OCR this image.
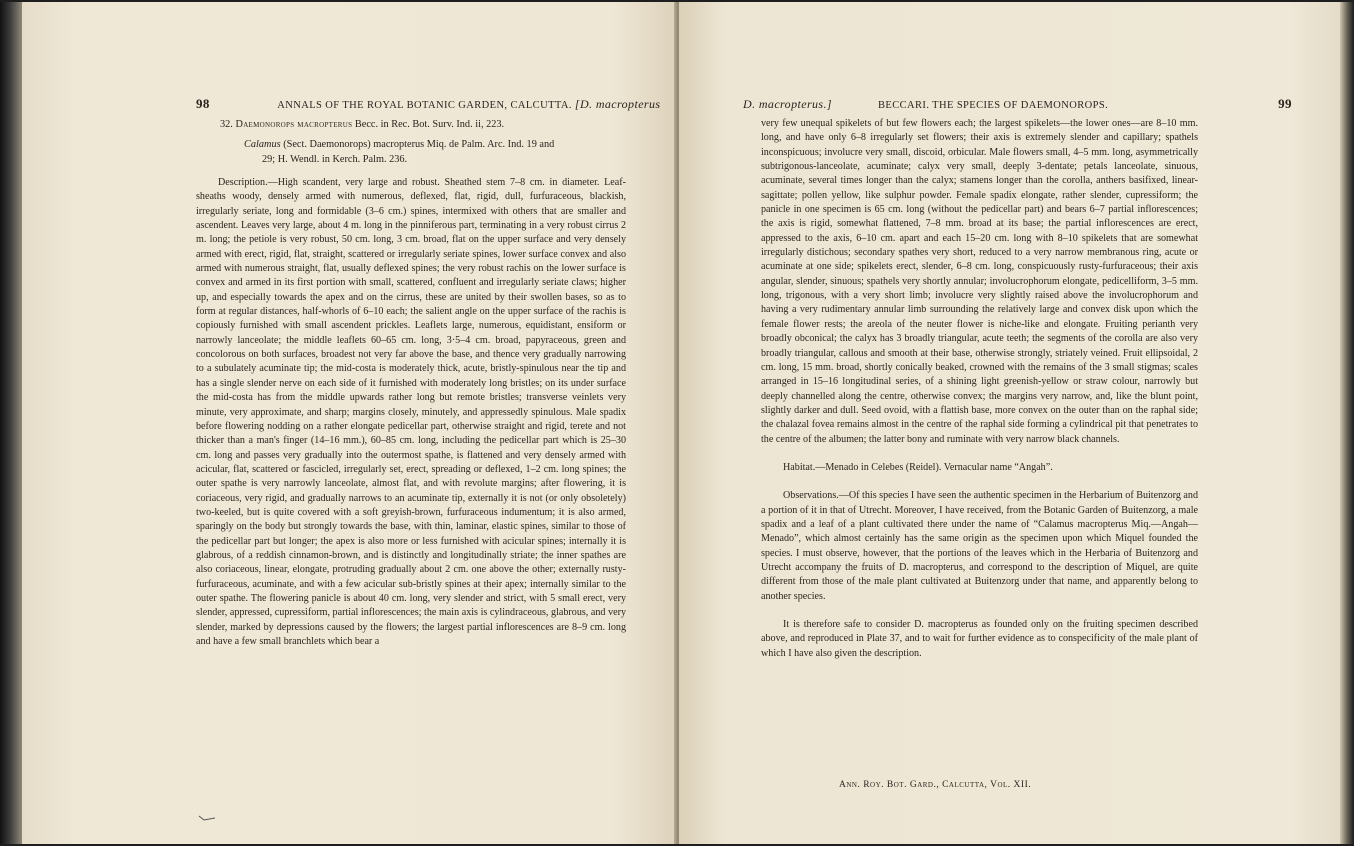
98	ANNALS OF THE ROYAL BOTANIC GARDEN, CALCUTTA. [D. macropterus
32. Daemonorops macropterus Becc. in Rec. Bot. Surv. Ind. ii, 223.
Calamus (Sect. Daemonorops) macropterus Miq. de Palm. Arc. Ind. 19 and
29; H. Wendl. in Kerch. Palm. 236.

Description.—High scandent, very large and robust. Sheathed stem 7–8 cm. in diameter. Leaf-sheaths woody, densely armed with numerous, deflexed, flat, rigid, dull, furfuraceous, blackish, irregularly seriate, long and formidable (3–6 cm.) spines, intermixed with others that are smaller and ascendent. Leaves very large, about 4 m. long in the pinniferous part, terminating in a very robust cirrus 2 m. long; the petiole is very robust, 50 cm. long, 3 cm. broad, flat on the upper surface and very densely armed with erect, rigid, flat, straight, scattered or irregularly seriate spines, lower surface convex and also armed with numerous straight, flat, usually deflexed spines; the very robust rachis on the lower surface is convex and armed in its first portion with small, scattered, confluent and irregularly seriate claws; higher up, and especially towards the apex and on the cirrus, these are united by their swollen bases, so as to form at regular distances, half-whorls of 6–10 each; the salient angle on the upper surface of the rachis is copiously furnished with small ascendent prickles. Leaflets large, numerous, equidistant, ensiform or narrowly lanceolate; the middle leaflets 60–65 cm. long, 3·5–4 cm. broad, papyraceous, green and concolorous on both surfaces, broadest not very far above the base, and thence very gradually narrowing to a subulately acuminate tip; the mid-costa is moderately thick, acute, bristly-spinulous near the tip and has a single slender nerve on each side of it furnished with moderately long bristles; on its under surface the mid-costa has from the middle upwards rather long but remote bristles; transverse veinlets very minute, very approximate, and sharp; margins closely, minutely, and appressedly spinulous. Male spadix before flowering nodding on a rather elongate pedicellar part, otherwise straight and rigid, terete and not thicker than a man's finger (14–16 mm.), 60–85 cm. long, including the pedicellar part which is 25–30 cm. long and passes very gradually into the outermost spathe, is flattened and very densely armed with acicular, flat, scattered or fascicled, irregularly set, erect, spreading or deflexed, 1–2 cm. long spines; the outer spathe is very narrowly lanceolate, almost flat, and with revolute margins; after flowering, it is coriaceous, very rigid, and gradually narrows to an acuminate tip, externally it is not (or only obsoletely) two-keeled, but is quite covered with a soft greyish-brown, furfuraceous indumentum; it is also armed, sparingly on the body but strongly towards the base, with thin, laminar, elastic spines, similar to those of the pedicellar part but longer; the apex is also more or less furnished with acicular spines; internally it is glabrous, of a reddish cinnamon-brown, and is distinctly and longitudinally striate; the inner spathes are also coriaceous, linear, elongate, protruding gradually about 2 cm. one above the other; externally rusty-furfuraceous, acuminate, and with a few acicular sub-bristly spines at their apex; internally similar to the outer spathe. The flowering panicle is about 40 cm. long, very slender and strict, with 5 small erect, very slender, appressed, cupressiform, partial inflorescences; the main axis is cylindraceous, glabrous, and very slender, marked by depressions caused by the flowers; the largest partial inflorescences are 8–9 cm. long and have a few small branchlets which bear a

D. macropterus.]	BECCARI. THE SPECIES OF DAEMONOROPS.	99

very few unequal spikelets of but few flowers each; the largest spikelets—the lower ones—are 8–10 mm. long, and have only 6–8 irregularly set flowers; their axis is extremely slender and capillary; spathels inconspicuous; involucre very small, discoid, orbicular. Male flowers small, 4–5 mm. long, asymmetrically subtrigonous-lanceolate, acuminate; calyx very small, deeply 3-dentate; petals lanceolate, sinuous, acuminate, several times longer than the calyx; stamens longer than the corolla, anthers basifixed, linear-sagittate; pollen yellow, like sulphur powder. Female spadix elongate, rather slender, cupressiform; the panicle in one specimen is 65 cm. long (without the pedicellar part) and bears 6–7 partial inflorescences; the axis is rigid, somewhat flattened, 7–8 mm. broad at its base; the partial inflorescences are erect, appressed to the axis, 6–10 cm. apart and each 15–20 cm. long with 8–10 spikelets that are somewhat irregularly distichous; secondary spathes very short, reduced to a very narrow membranous ring, acute or acuminate at one side; spikelets erect, slender, 6–8 cm. long, conspicuously rusty-furfuraceous; their axis angular, slender, sinuous; spathels very shortly annular; involucrophorum elongate, pedicelliform, 3–5 mm. long, trigonous, with a very short limb; involucre very slightly raised above the involucrophorum and having a very rudimentary annular limb surrounding the relatively large and convex disk upon which the female flower rests; the areola of the neuter flower is niche-like and elongate. Fruiting perianth very broadly obconical; the calyx has 3 broadly triangular, acute teeth; the segments of the corolla are also very broadly triangular, callous and smooth at their base, otherwise strongly, striately veined. Fruit ellipsoidal, 2 cm. long, 15 mm. broad, shortly conically beaked, crowned with the remains of the 3 small stigmas; scales arranged in 15–16 longitudinal series, of a shining light greenish-yellow or straw colour, narrowly but deeply channelled along the centre, otherwise convex; the margins very narrow, and, like the blunt point, slightly darker and dull. Seed ovoid, with a flattish base, more convex on the outer than on the raphal side; the chalazal fovea remains almost in the centre of the raphal side forming a cylindrical pit that penetrates to the centre of the albumen; the latter bony and ruminate with very narrow black channels.

Habitat.—Menado in Celebes (Reidel). Vernacular name “Angah”.

Observations.—Of this species I have seen the authentic specimen in the Herbarium of Buitenzorg and a portion of it in that of Utrecht. Moreover, I have received, from the Botanic Garden of Buitenzorg, a male spadix and a leaf of a plant cultivated there under the name of “Calamus macropterus Miq.—Angah—Menado”, which almost certainly has the same origin as the specimen upon which Miquel founded the species. I must observe, however, that the portions of the leaves which in the Herbaria of Buitenzorg and Utrecht accompany the fruits of D. macropterus, and correspond to the description of Miquel, are quite different from those of the male plant cultivated at Buitenzorg under that name, and apparently belong to another species.

It is therefore safe to consider D. macropterus as founded only on the fruiting specimen described above, and reproduced in Plate 37, and to wait for further evidence as to conspecificity of the male plant of which I have also given the description.

Ann. Roy. Bot. Gard., Calcutta, Vol. XII.
